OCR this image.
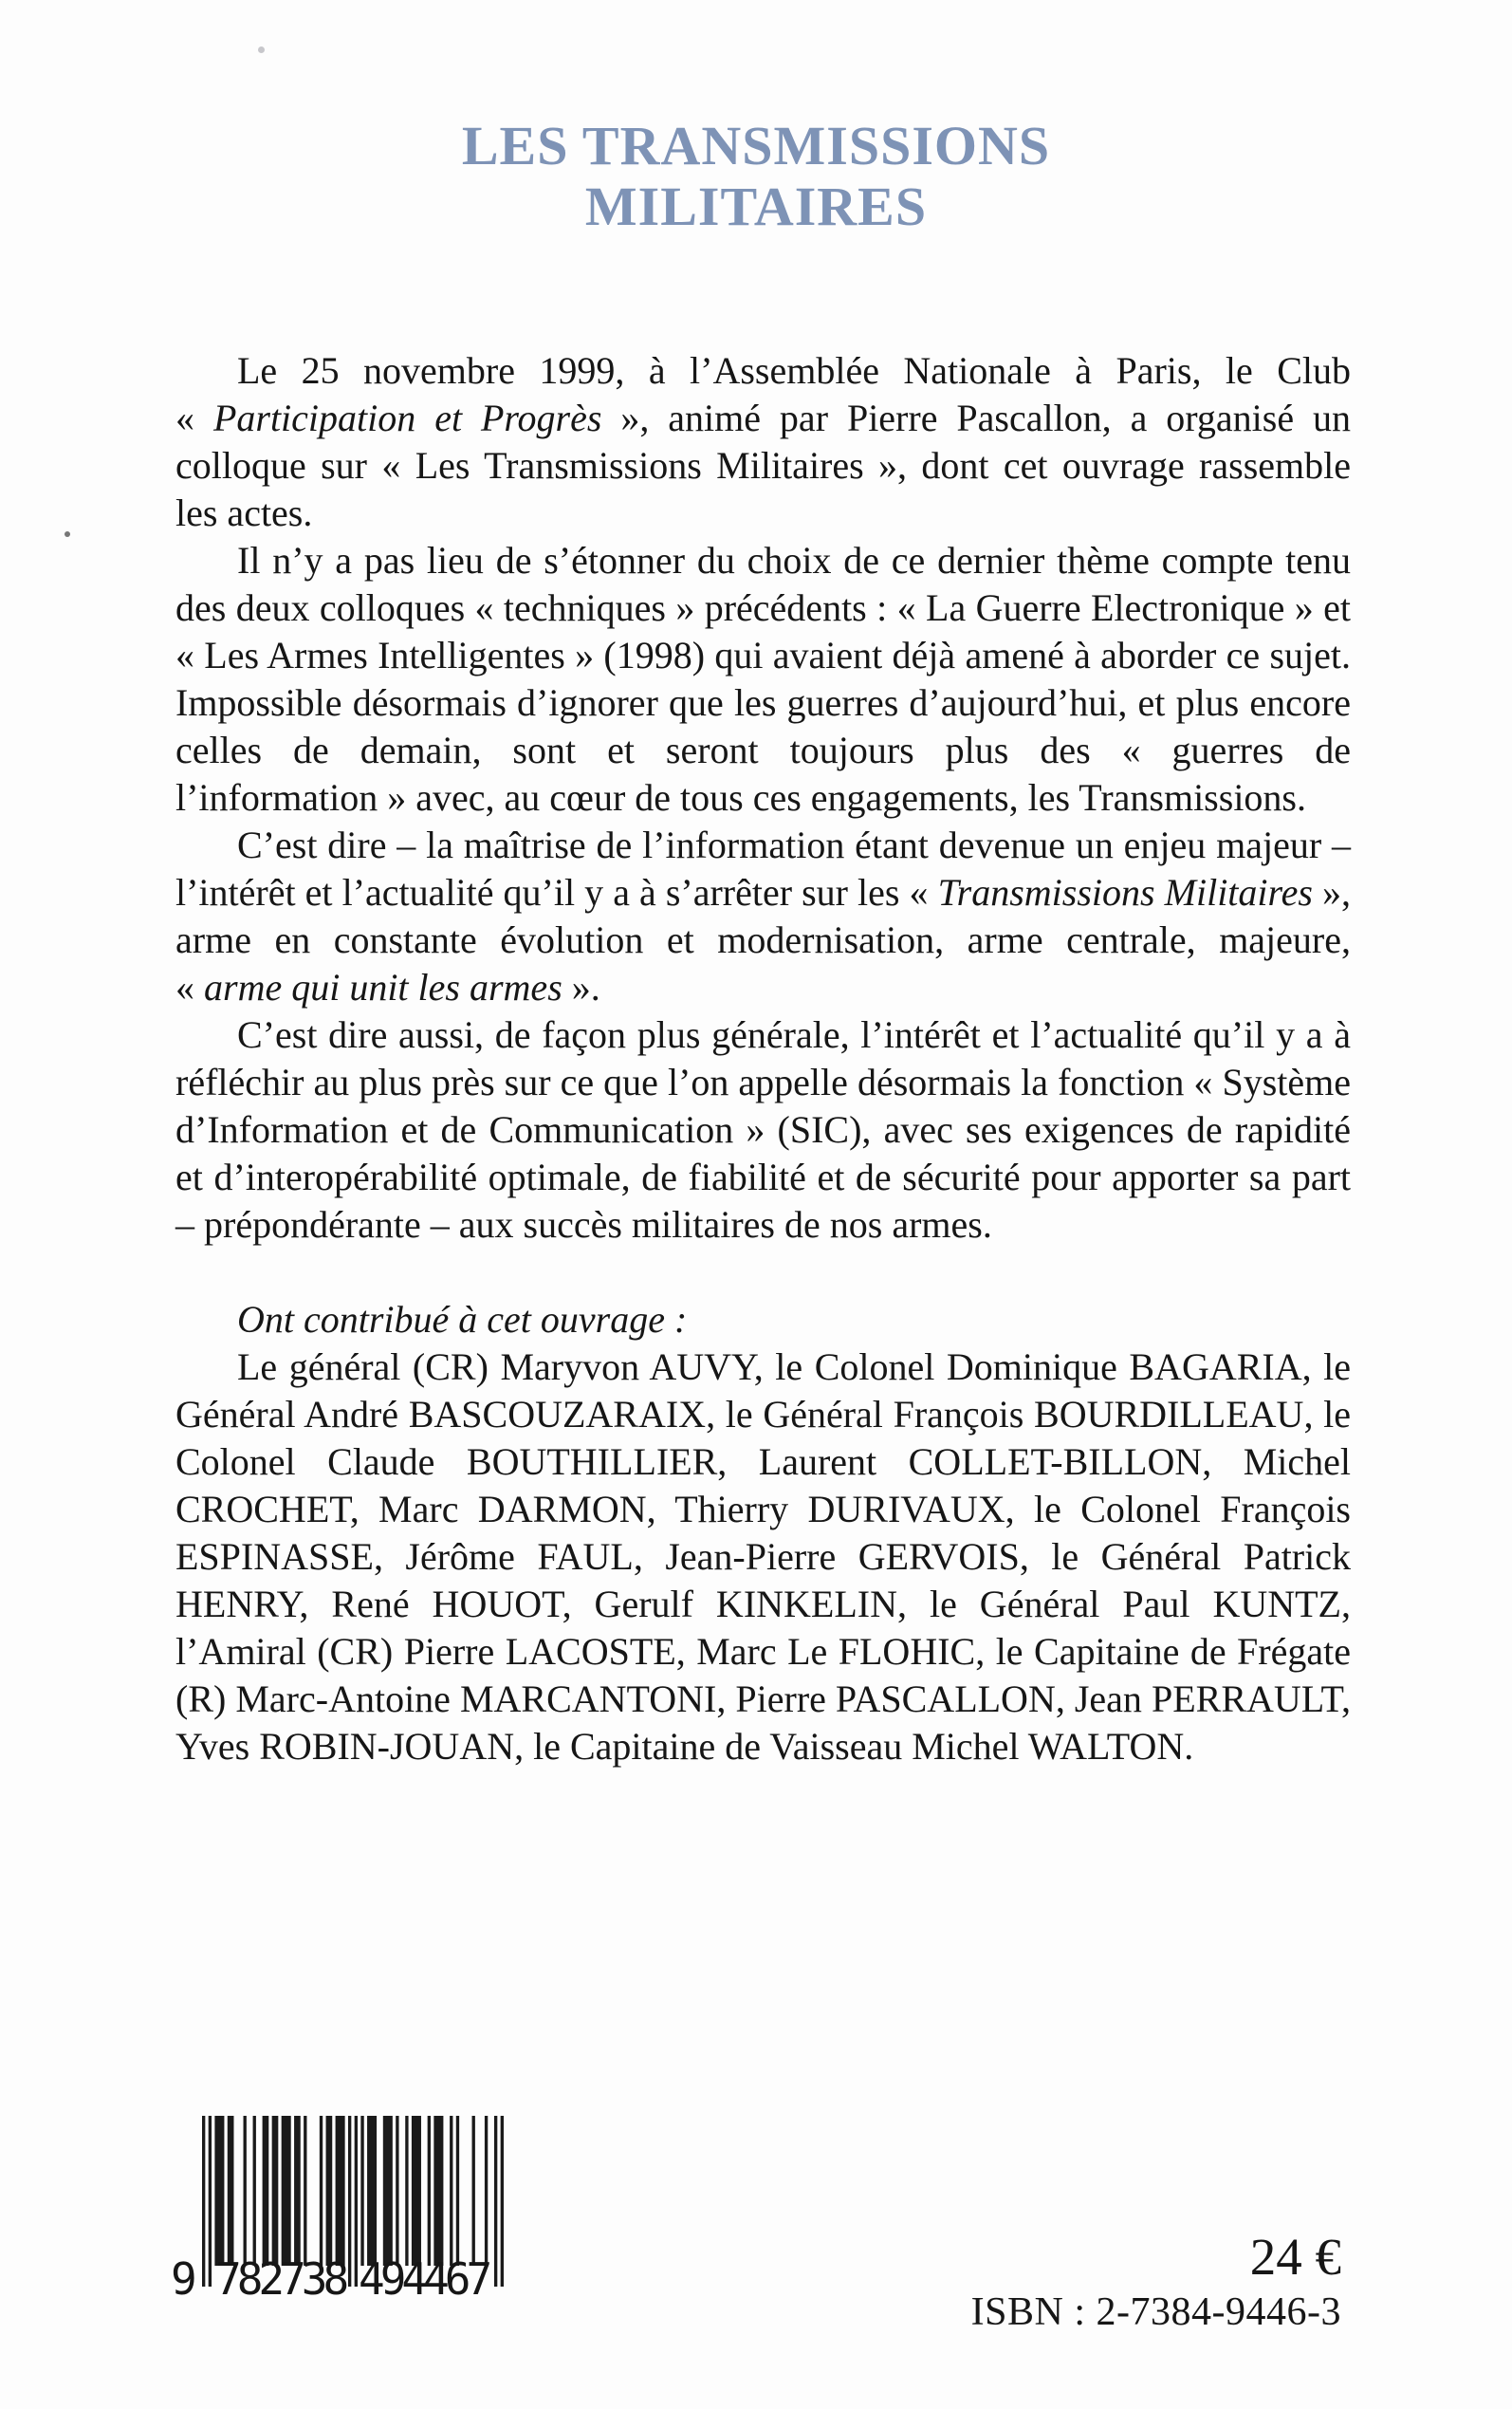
LES TRANSMISSIONS
MILITAIRES

Le 25 novembre 1999, à l’Assemblée Nationale à Paris, le Club « Participation et Progrès », animé par Pierre Pascallon, a organisé un colloque sur « Les Transmissions Militaires », dont cet ouvrage rassemble les actes.

Il n’y a pas lieu de s’étonner du choix de ce dernier thème compte tenu des deux colloques « techniques » précédents : « La Guerre Electronique » et « Les Armes Intelligentes » (1998) qui avaient déjà amené à aborder ce sujet. Impossible désormais d’ignorer que les guerres d’aujourd’hui, et plus encore celles de demain, sont et seront toujours plus des « guerres de l’information » avec, au cœur de tous ces engagements, les Transmissions.

C’est dire – la maîtrise de l’information étant devenue un enjeu majeur – l’intérêt et l’actualité qu’il y a à s’arrêter sur les « Transmissions Militaires », arme en constante évolution et modernisation, arme centrale, majeure, « arme qui unit les armes ».

C’est dire aussi, de façon plus générale, l’intérêt et l’actualité qu’il y a à réfléchir au plus près sur ce que l’on appelle désormais la fonction « Système d’Information et de Communication » (SIC), avec ses exigences de rapidité et d’interopérabilité optimale, de fiabilité et de sécurité pour apporter sa part – prépondérante – aux succès militaires de nos armes.

Ont contribué à cet ouvrage :

Le général (CR) Maryvon AUVY, le Colonel Dominique BAGARIA, le Général André BASCOUZARAIX, le Général François BOURDILLEAU, le Colonel Claude BOUTHILLIER, Laurent COLLET-BILLON, Michel CROCHET, Marc DARMON, Thierry DURIVAUX, le Colonel François ESPINASSE, Jérôme FAUL, Jean-Pierre GERVOIS, le Général Patrick HENRY, René HOUOT, Gerulf KINKELIN, le Général Paul KUNTZ, l’Amiral (CR) Pierre LACOSTE, Marc Le FLOHIC, le Capitaine de Frégate (R) Marc-Antoine MARCANTONI, Pierre PASCALLON, Jean PERRAULT, Yves ROBIN-JOUAN, le Capitaine de Vaisseau Michel WALTON.

9 782738 494467	24 €
ISBN : 2-7384-9446-3
